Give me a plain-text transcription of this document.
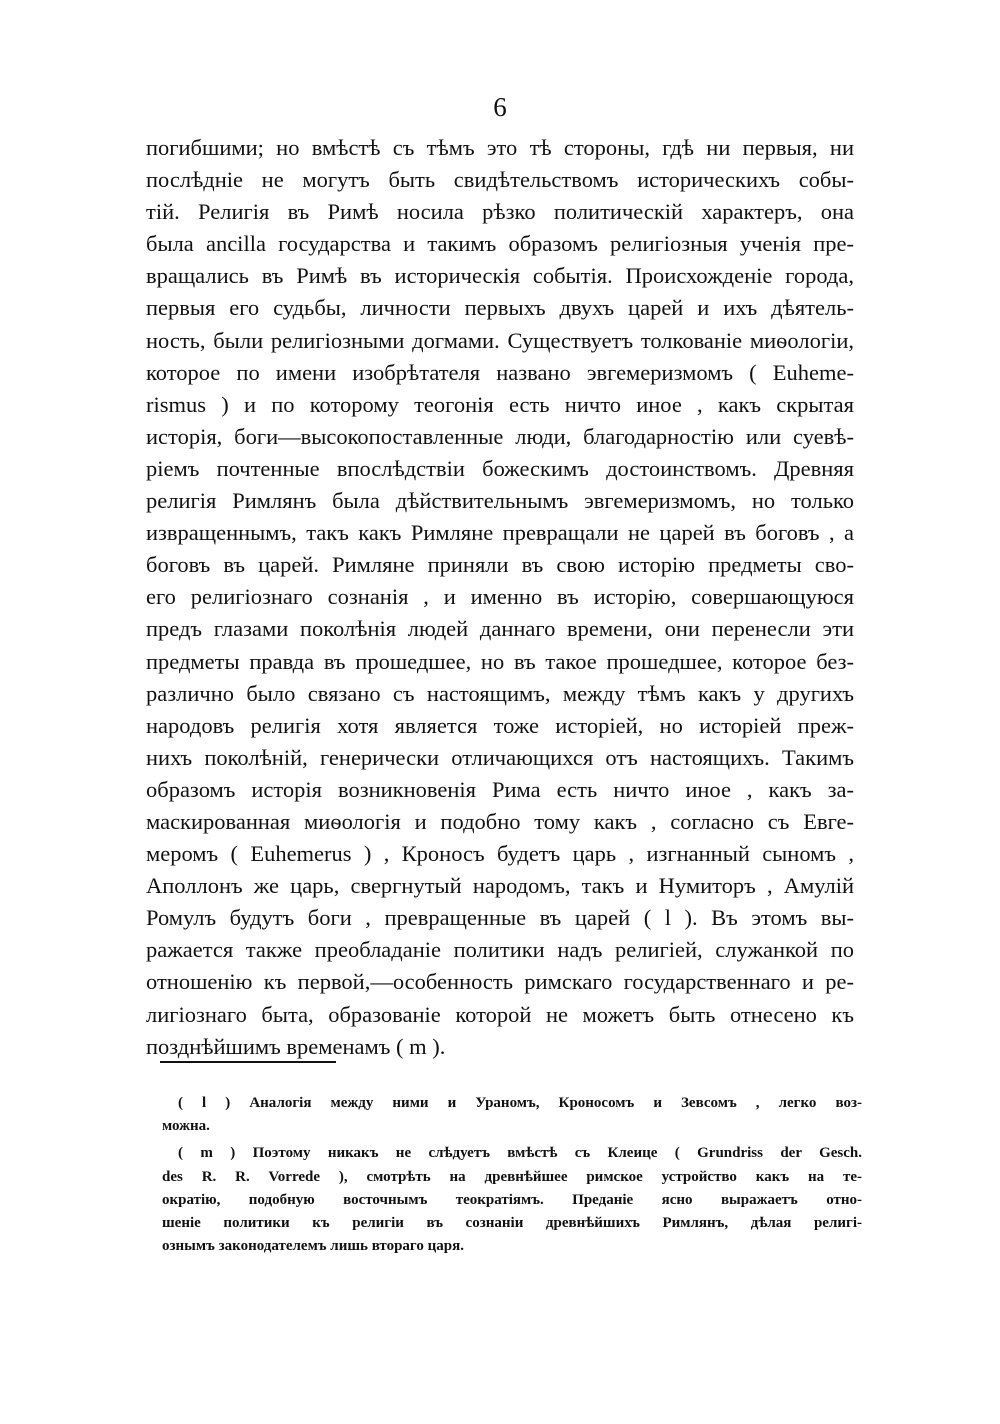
6
погибшими; но вмѣстѣ съ тѣмъ это тѣ стороны, гдѣ ни первыя, ни
послѣдніе не могутъ быть свидѣтельствомъ историческихъ собы-
тій. Религія въ Римѣ носила рѣзко политическій характеръ, она
была ancilla государства и такимъ образомъ религіозныя ученія пре-
вращались въ Римѣ въ историческія событія. Происхожденіе города,
первыя его судьбы, личности первыхъ двухъ царей и ихъ дѣятель-
ность, были религіозными догмами. Существуетъ толкованіе миѳологіи,
которое по имени изобрѣтателя названо эвгемеризмомъ ( Euheme-
rismus ) и по которому теогонія есть ничто иное , какъ скрытая
исторія, боги—высокопоставленные люди, благодарностію или суевѣ-
ріемъ почтенные впослѣдствіи божескимъ достоинствомъ. Древняя
религія Римлянъ была дѣйствительнымъ эвгемеризмомъ, но только
извращеннымъ, такъ какъ Римляне превращали не царей въ боговъ , а
боговъ въ царей. Римляне приняли въ свою исторію предметы сво-
его религіознаго сознанія , и именно въ исторію, совершающуюся
предъ глазами поколѣнія людей даннаго времени, они перенесли эти
предметы правда въ прошедшее, но въ такое прошедшее, которое без-
различно было связано съ настоящимъ, между тѣмъ какъ у другихъ
народовъ религія хотя является тоже исторіей, но исторіей преж-
нихъ поколѣній, генерически отличающихся отъ настоящихъ. Такимъ
образомъ исторія возникновенія Рима есть ничто иное , какъ за-
маскированная миѳологія и подобно тому какъ , согласно съ Евге-
меромъ ( Euhemerus ) , Кроносъ будетъ царь , изгнанный сыномъ ,
Аполлонъ же царь, свергнутый народомъ, такъ и Нумиторъ , Амулій
Ромулъ будутъ боги , превращенные въ царей ( l ). Въ этомъ вы-
ражается также преобладаніе политики надъ религіей, служанкой по
отношенію къ первой,—особенность римскаго государственнаго и ре-
лигіознаго быта, образованіе которой не можетъ быть отнесено къ
позднѣйшимъ временамъ ( m ).
( l ) Аналогія между ними и Ураномъ, Кроносомъ и Зевсомъ , легко воз-
можна.
( m ) Поэтому никакъ не слѣдуетъ вмѣстѣ съ Клеице ( Grundriss der Gesch.
des R. R. Vorrede ), смотрѣть на древнѣйшее римское устройство какъ на те-
ократію, подобную восточнымъ теократіямъ. Преданіе ясно выражаетъ отно-
шеніе политики къ религіи въ сознаніи древнѣйшихъ Римлянъ, дѣлая религі-
ознымъ законодателемъ лишь втораго царя.
